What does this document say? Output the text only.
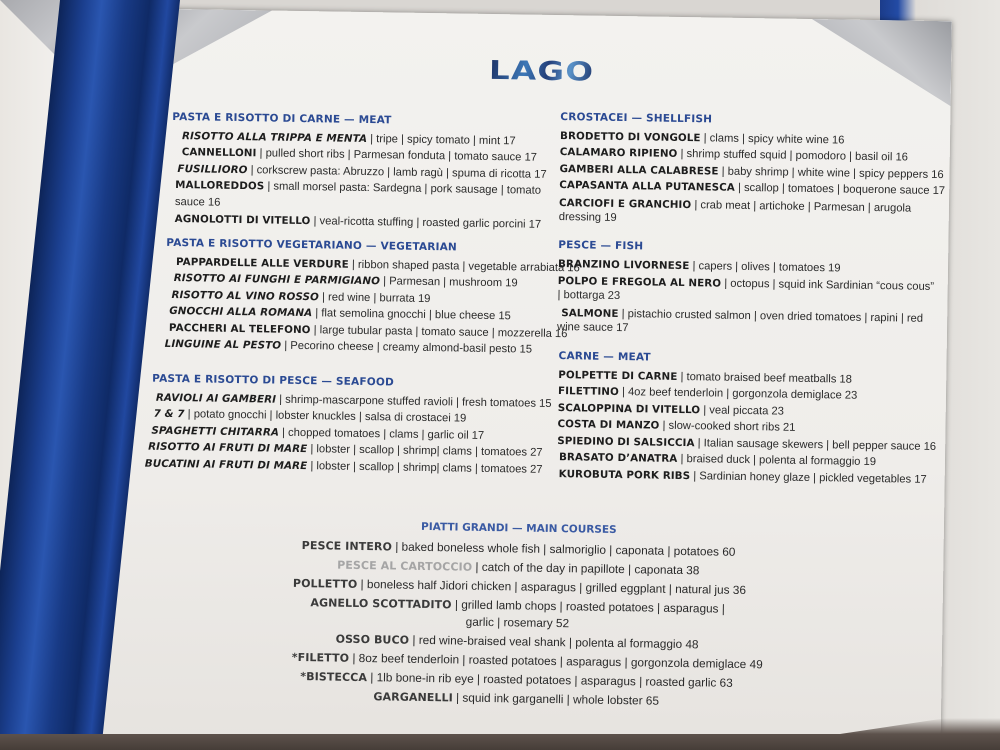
LAGO
PASTA E RISOTTO DI CARNE — MEAT
RISOTTO ALLA TRIPPA E MENTA | tripe | spicy tomato | mint 17
CANNELLONI | pulled short ribs | Parmesan fonduta | tomato sauce 17
FUSILLIORO | corkscrew pasta: Abruzzo | lamb ragù | spuma di ricotta 17
MALLOREDDOS | small morsel pasta: Sardegna | pork sausage | tomato sauce 16
AGNOLOTTI DI VITELLO | veal-ricotta stuffing | roasted garlic porcini 17
PASTA E RISOTTO VEGETARIANO — VEGETARIAN
PAPPARDELLE ALLE VERDURE | ribbon shaped pasta | vegetable arrabiata 16
RISOTTO AI FUNGHI E PARMIGIANO | Parmesan | mushroom 19
RISOTTO AL VINO ROSSO | red wine | burrata 19
GNOCCHI ALLA ROMANA | flat semolina gnocchi | blue cheese 15
PACCHERI AL TELEFONO | large tubular pasta | tomato sauce | mozzerella 16
LINGUINE AL PESTO | Pecorino cheese | creamy almond-basil pesto 15
PASTA E RISOTTO DI PESCE — SEAFOOD
RAVIOLI AI GAMBERI | shrimp-mascarpone stuffed ravioli | fresh tomatoes 15
7 & 7 | potato gnocchi | lobster knuckles | salsa di crostacei 19
SPAGHETTI CHITARRA | chopped tomatoes | clams | garlic oil 17
RISOTTO AI FRUTI DI MARE | lobster | scallop | shrimp| clams | tomatoes 27
BUCATINI AI FRUTI DI MARE | lobster | scallop | shrimp| clams | tomatoes 27
CROSTACEI — SHELLFISH
BRODETTO DI VONGOLE | clams | spicy white wine 16
CALAMARO RIPIENO | shrimp stuffed squid | pomodoro | basil oil 16
GAMBERI ALLA CALABRESE | baby shrimp | white wine | spicy peppers 16
CAPASANTA ALLA PUTANESCA | scallop | tomatoes | boquerone sauce 17
CARCIOFI E GRANCHIO | crab meat | artichoke | Parmesan | arugola dressing 19
PESCE — FISH
BRANZINO LIVORNESE | capers | olives | tomatoes 19
POLPO E FREGOLA AL NERO | octopus | squid ink Sardinian “cous cous” | bottarga 23
SALMONE | pistachio crusted salmon | oven dried tomatoes | rapini | red wine sauce 17
CARNE — MEAT
POLPETTE DI CARNE | tomato braised beef meatballs 18
FILETTINO | 4oz beef tenderloin | gorgonzola demiglace 23
SCALOPPINA DI VITELLO | veal piccata 23
COSTA DI MANZO | slow-cooked short ribs 21
SPIEDINO DI SALSICCIA | Italian sausage skewers | bell pepper sauce 16
BRASATO D’ANATRA | braised duck | polenta al formaggio 19
KUROBUTA PORK RIBS | Sardinian honey glaze | pickled vegetables 17
PIATTI GRANDI — MAIN COURSES
PESCE INTERO | baked boneless whole fish | salmoriglio | caponata | potatoes 60
PESCE AL CARTOCCIO | catch of the day in papillote | caponata 38
POLLETTO | boneless half Jidori chicken | asparagus | grilled eggplant | natural jus 36
AGNELLO SCOTTADITO | grilled lamb chops | roasted potatoes | asparagus | garlic | rosemary 52
OSSO BUCO | red wine-braised veal shank | polenta al formaggio 48
*FILETTO | 8oz beef tenderloin | roasted potatoes | asparagus | gorgonzola demiglace 49
*BISTECCA | 1lb bone-in rib eye | roasted potatoes | asparagus | roasted garlic 63
GARGANELLI | squid ink garganelli | whole lobster 65
